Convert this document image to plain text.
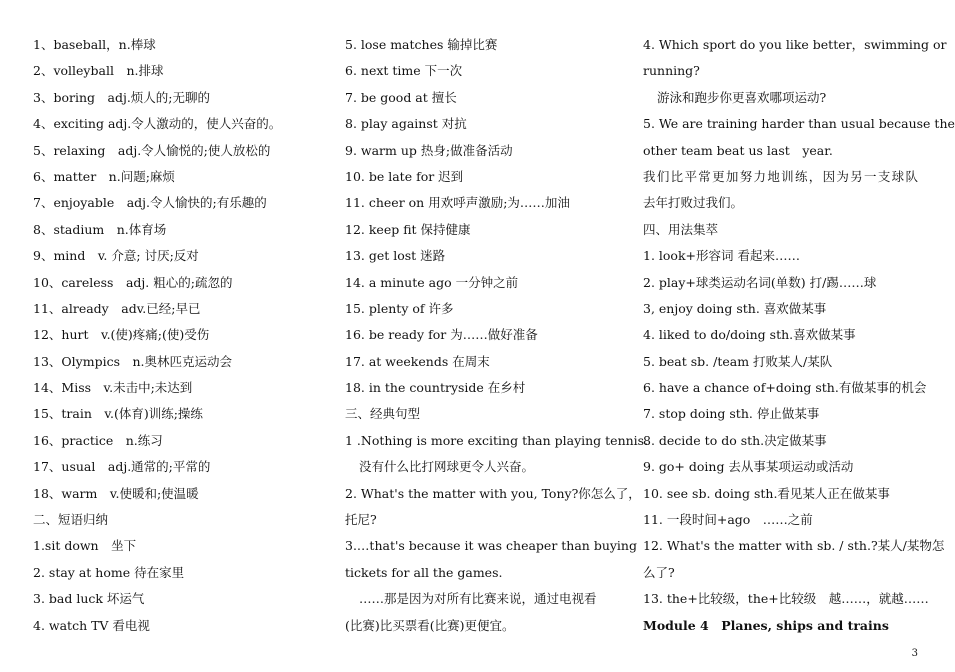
1、baseball，n.棒球
2、volleyball　n.排球
3、boring　adj.烦人的;无聊的
4、exciting adj.令人激动的，使人兴奋的。
5、relaxing　adj.令人愉悦的;使人放松的
6、matter　n.问题;麻烦
7、enjoyable　adj.令人愉快的;有乐趣的
8、stadium　n.体育场
9、mind　v. 介意; 讨厌;反对
10、careless　adj. 粗心的;疏忽的
11、already　adv.已经;早已
12、hurt　v.(使)疼痛;(使)受伤
13、Olympics　n.奥林匹克运动会
14、Miss　v.未击中;未达到
15、train　v.(体育)训练;操练
16、practice　n.练习
17、usual　adj.通常的;平常的
18、warm　v.使暖和;使温暖
二、短语归纳
1.sit down　坐下
2. stay at home 待在家里
3. bad luck 坏运气
4. watch TV 看电视
5. lose matches 输掉比赛
6. next time 下一次
7. be good at 擅长
8. play against 对抗
9. warm up 热身;做准备活动
10. be late for 迟到
11. cheer on 用欢呼声激励;为……加油
12. keep fit 保持健康
13. get lost 迷路
14. a minute ago 一分钟之前
15. plenty of 许多
16. be ready for 为……做好准备
17. at weekends 在周末
18. in the countryside 在乡村
三、经典句型
1 .Nothing is more exciting than playing tennis.
没有什么比打网球更令人兴奋。
2. What's the matter with you, Tony?你怎么了，
托尼?
3.…that's because it was cheaper than buying
tickets for all the games.
……那是因为对所有比赛来说，通过电视看
(比赛)比买票看(比赛)更便宜。
4. Which sport do you like better，swimming or
running?
游泳和跑步你更喜欢哪项运动?
5. We are training harder than usual because the
other team beat us last　year.
我们比平常更加努力地训练，因为另一支球队
去年打败过我们。
四、用法集萃
1. look+形容词 看起来……
2. play+球类运动名词(单数) 打/踢……球
3, enjoy doing sth. 喜欢做某事
4. liked to do/doing sth.喜欢做某事
5. beat sb. /team 打败某人/某队
6. have a chance of+doing sth.有做某事的机会
7. stop doing sth. 停止做某事
8. decide to do sth.决定做某事
9. go+ doing 去从事某项运动或活动
10. see sb. doing sth.看见某人正在做某事
11. 一段时间+ago　……之前
12. What's the matter with sb. / sth.?某人/某物怎
么了?
13. the+比较级，the+比较级　越……，就越……
Module 4　Planes, ships and trains
3
